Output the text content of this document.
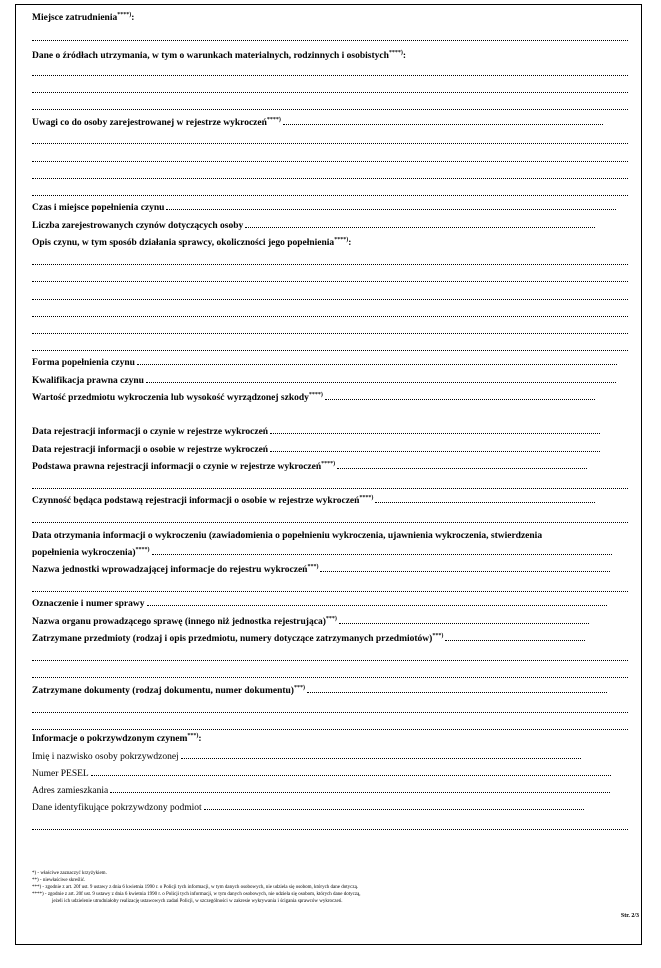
Miejsce zatrudnienia****):
Dane o źródłach utrzymania, w tym o warunkach materialnych, rodzinnych i osobistych****):
Uwagi co do osoby zarejestrowanej w rejestrze wykroczeń****)
Czas i miejsce popełnienia czynu
Liczba zarejestrowanych czynów dotyczących osoby
Opis czynu, w tym sposób działania sprawcy, okoliczności jego popełnienia****):
Forma popełnienia czynu
Kwalifikacja prawna czynu
Wartość przedmiotu wykroczenia lub wysokość wyrządzonej szkody****)
Data rejestracji informacji o czynie w rejestrze wykroczeń
Data rejestracji informacji o osobie w rejestrze wykroczeń
Podstawa prawna rejestracji informacji o czynie w rejestrze wykroczeń****)
Czynność będąca podstawą rejestracji informacji o osobie w rejestrze wykroczeń****)
Data otrzymania informacji o wykroczeniu (zawiadomienia o popełnieniu wykroczenia, ujawnienia wykroczenia, stwierdzenia
popełnienia wykroczenia)****)
Nazwa jednostki wprowadzającej informacje do rejestru wykroczeń***)
Oznaczenie i numer sprawy
Nazwa organu prowadzącego sprawę (innego niż jednostka rejestrująca)***)
Zatrzymane przedmioty (rodzaj i opis przedmiotu, numery dotyczące zatrzymanych przedmiotów)***)
Zatrzymane dokumenty (rodzaj dokumentu, numer dokumentu)***)
Informacje o pokrzywdzonym czynem***):
Imię i nazwisko osoby pokrzywdzonej
Numer PESEL
Adres zamieszkania
Dane identyfikujące pokrzywdzony podmiot
*) - właściwe zaznaczyć krzyżykiem.
**) - niewłaściwe skreślić.
***) - zgodnie z art. 20f ust. 9 ustawy z dnia 6 kwietnia 1990 r. o Policji tych informacji, w tym danych osobowych, nie udziela się osobom, których dane dotyczą.
****) - zgodnie z art. 20f ust. 9 ustawy z dnia 6 kwietnia 1990 r. o Policji tych informacji, w tym danych osobowych, nie udziela się osobom, których dane dotyczą,
jeżeli ich udzielenie utrudniałoby realizację ustawowych zadań Policji, w szczególności w zakresie wykrywania i ścigania sprawców wykroczeń.
Str. 2/3
